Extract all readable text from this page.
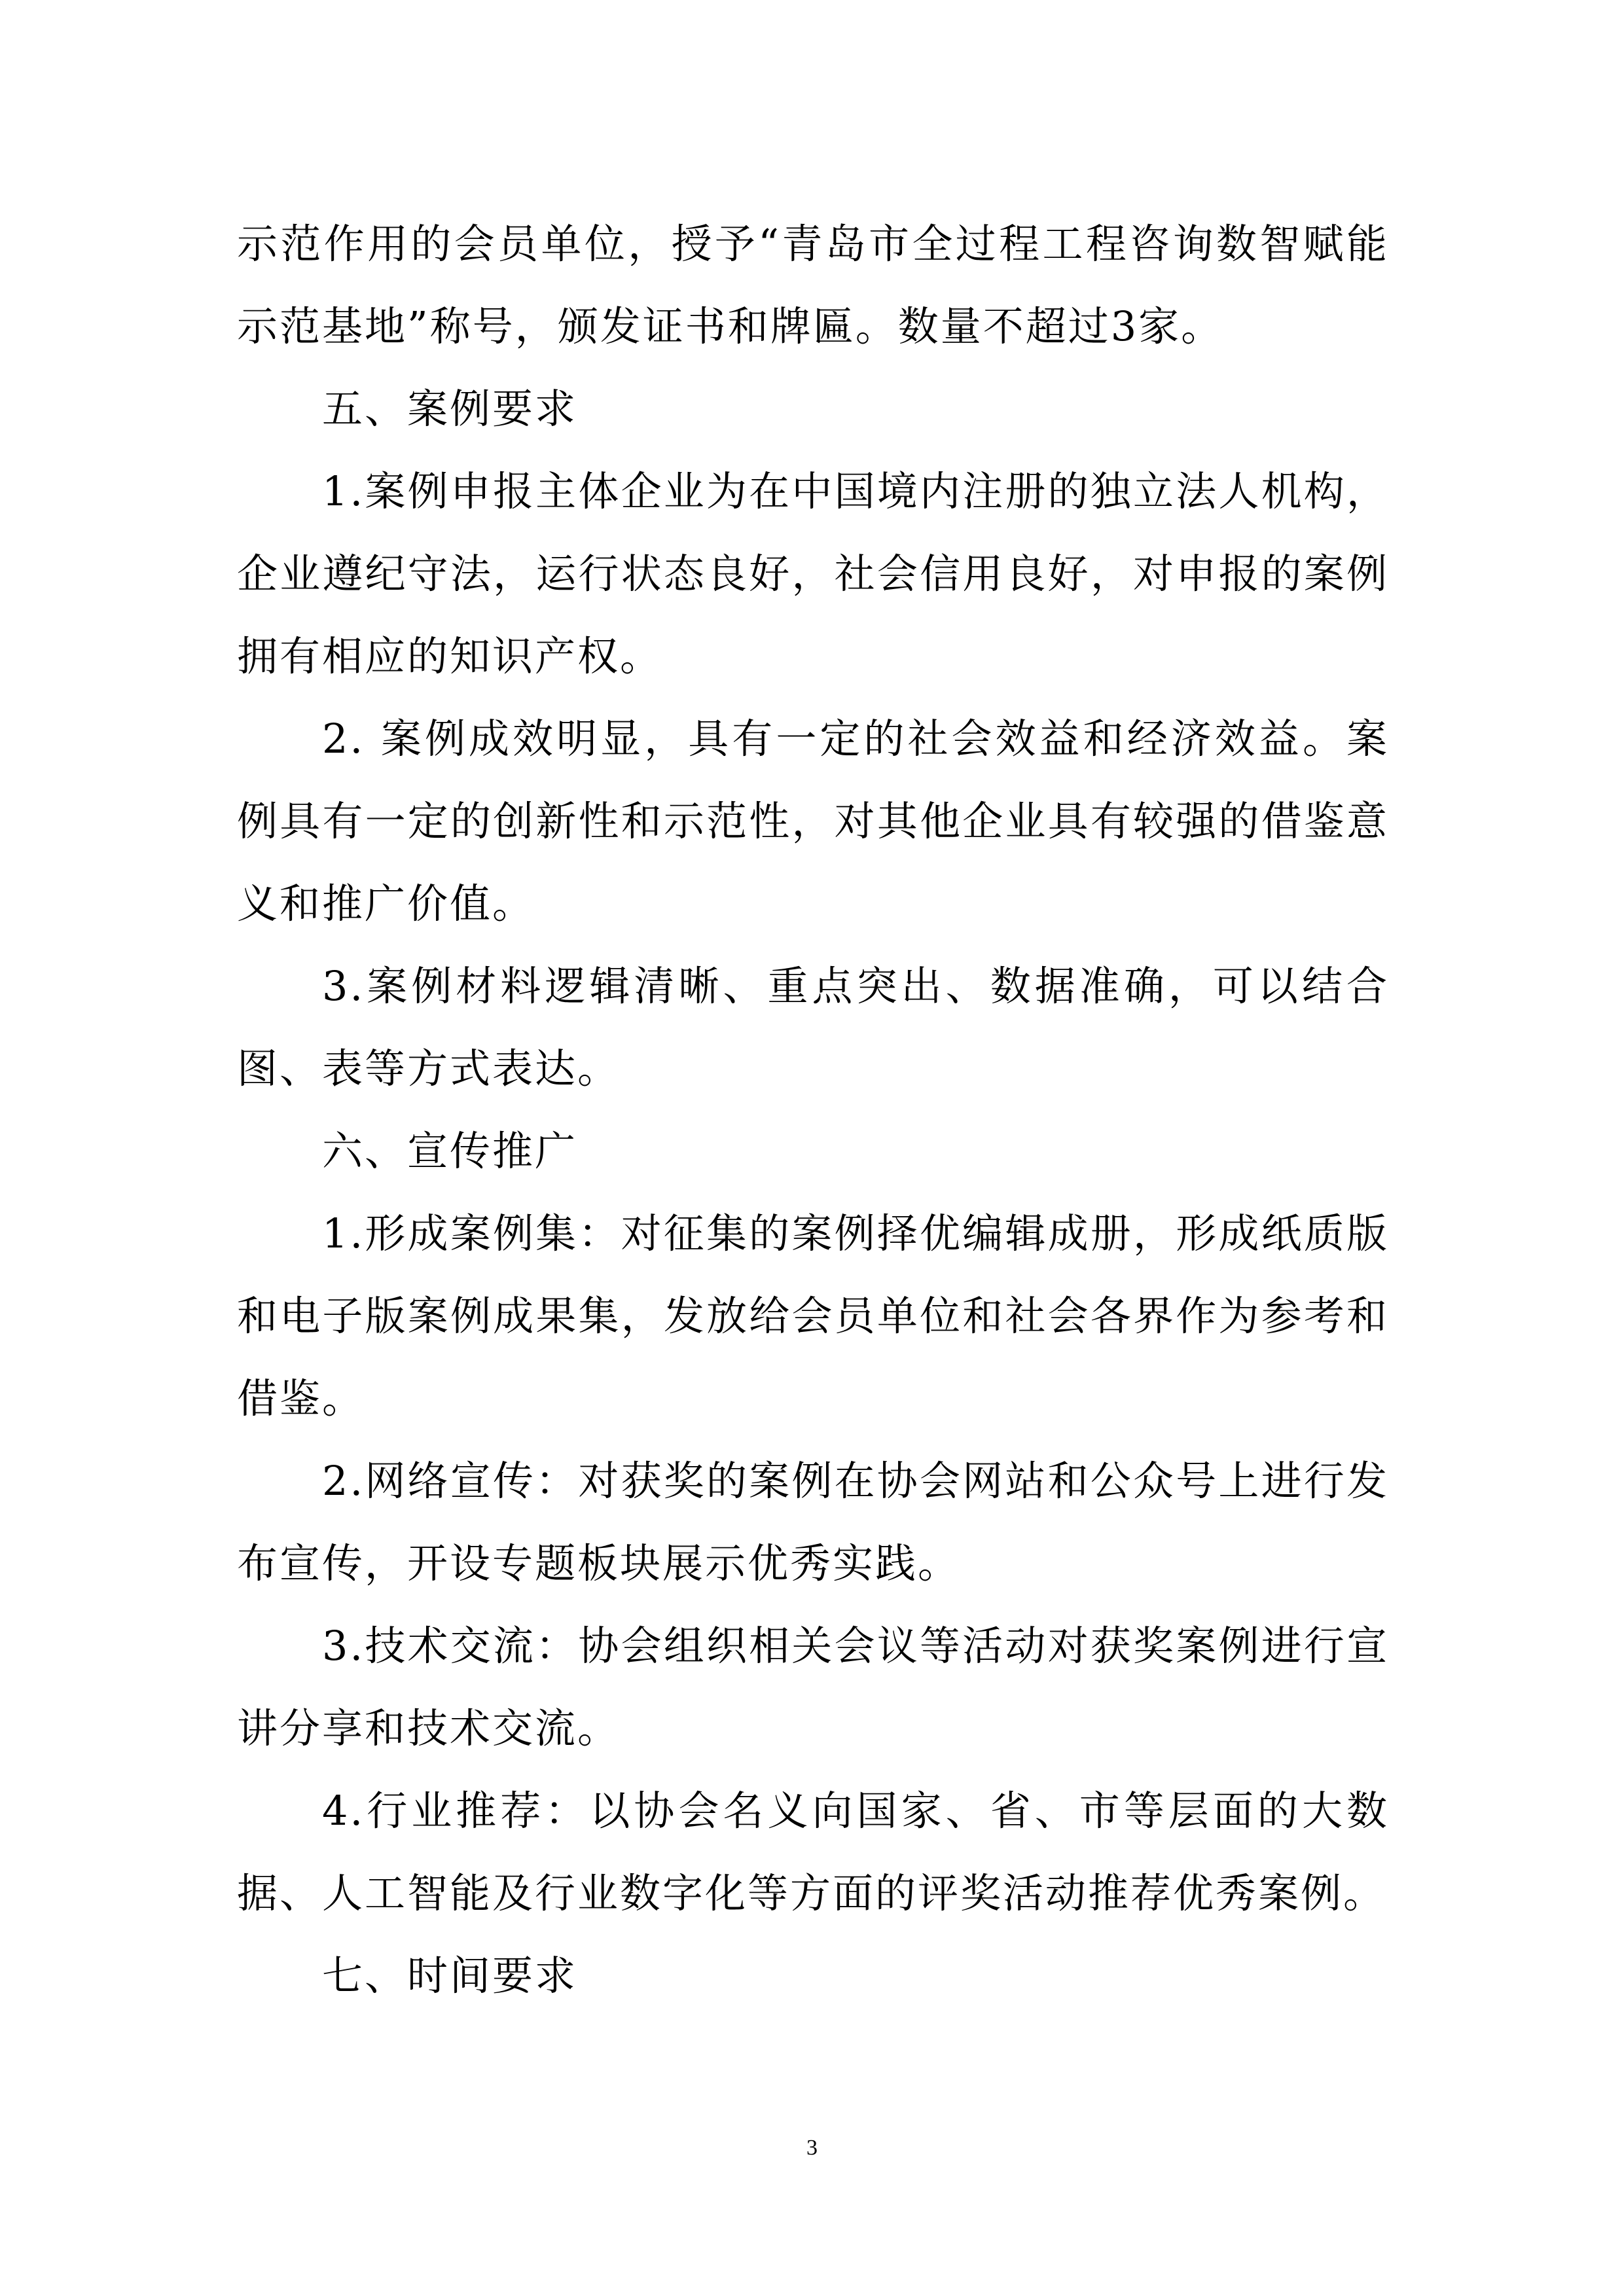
示范作用的会员单位，授予“青岛市全过程工程咨询数智赋能示范基地”称号，颁发证书和牌匾。数量不超过3家。

五、案例要求

1.案例申报主体企业为在中国境内注册的独立法人机构，企业遵纪守法，运行状态良好，社会信用良好，对申报的案例拥有相应的知识产权。

2. 案例成效明显，具有一定的社会效益和经济效益。案例具有一定的创新性和示范性，对其他企业具有较强的借鉴意义和推广价值。

3.案例材料逻辑清晰、重点突出、数据准确，可以结合图、表等方式表达。

六、宣传推广

1.形成案例集：对征集的案例择优编辑成册，形成纸质版和电子版案例成果集，发放给会员单位和社会各界作为参考和借鉴。

2.网络宣传：对获奖的案例在协会网站和公众号上进行发布宣传，开设专题板块展示优秀实践。

3.技术交流：协会组织相关会议等活动对获奖案例进行宣讲分享和技术交流。

4.行业推荐：以协会名义向国家、省、市等层面的大数据、人工智能及行业数字化等方面的评奖活动推荐优秀案例。

七、时间要求

3
